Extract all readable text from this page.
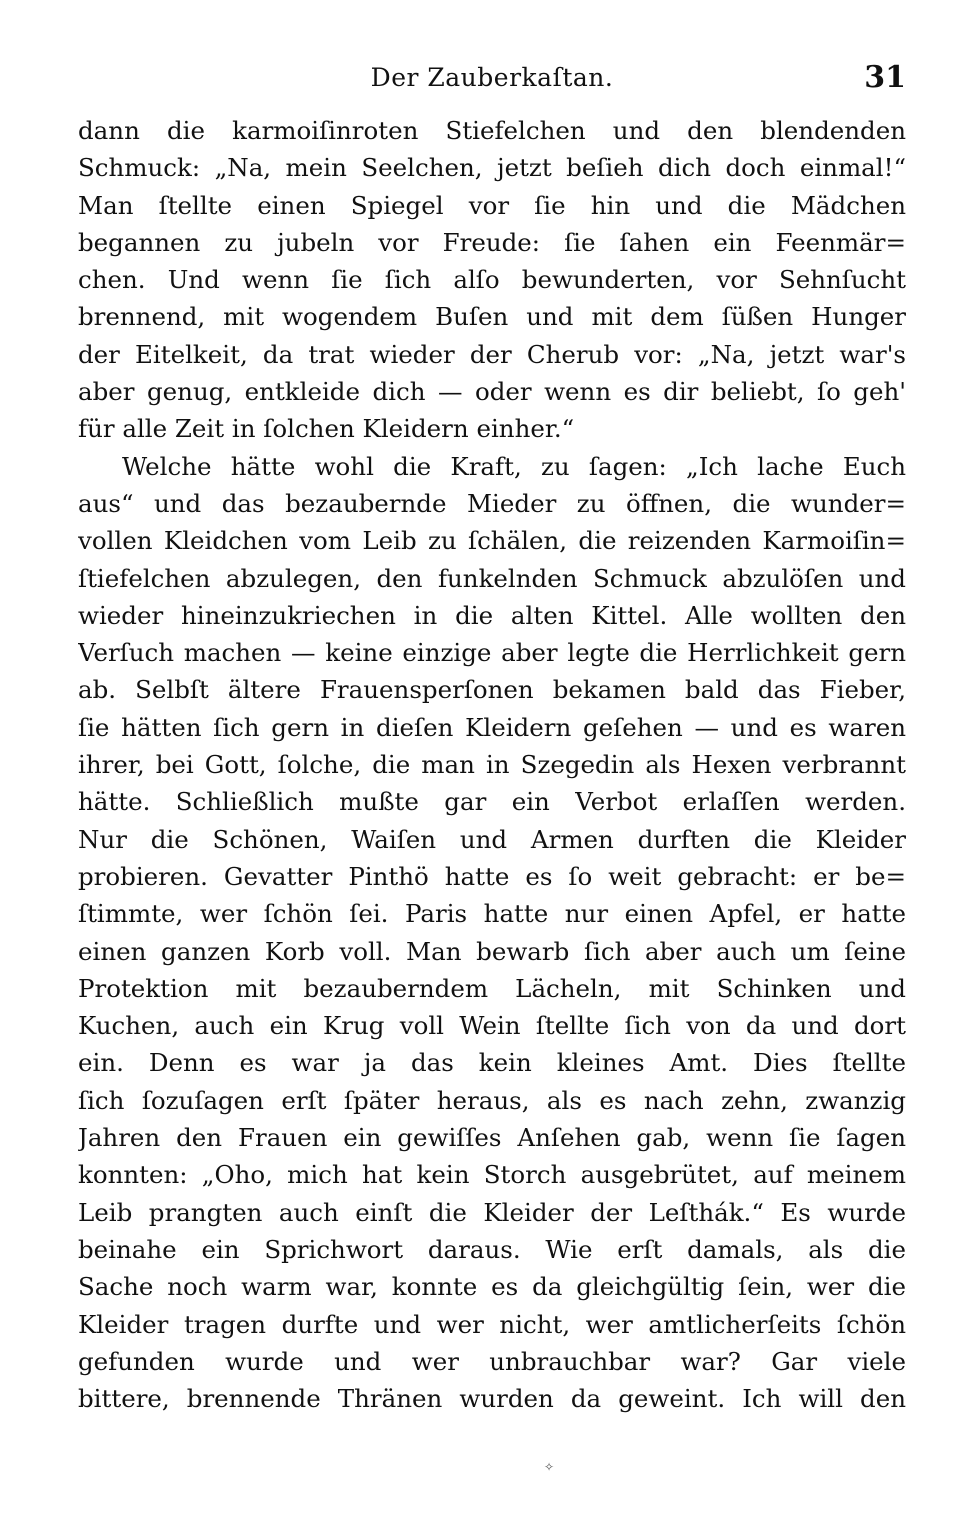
Der Zauberkaſtan.	31
dann die karmoiſinroten Stiefelchen und den blendenden
Schmuck: „Na, mein Seelchen, jetzt beſieh dich doch einmal!“
Man ſtellte einen Spiegel vor ſie hin und die Mädchen
begannen zu jubeln vor Freude: ſie ſahen ein Feenmär=
chen. Und wenn ſie ſich alſo bewunderten, vor Sehnſucht
brennend, mit wogendem Buſen und mit dem ſüßen Hunger
der Eitelkeit, da trat wieder der Cherub vor: „Na, jetzt war's
aber genug, entkleide dich — oder wenn es dir beliebt, ſo geh'
für alle Zeit in ſolchen Kleidern einher.“
Welche hätte wohl die Kraft, zu ſagen: „Ich lache Euch
aus“ und das bezaubernde Mieder zu öffnen, die wunder=
vollen Kleidchen vom Leib zu ſchälen, die reizenden Karmoiſin=
ſtiefelchen abzulegen, den funkelnden Schmuck abzulöſen und
wieder hineinzukriechen in die alten Kittel. Alle wollten den
Verſuch machen — keine einzige aber legte die Herrlichkeit gern
ab. Selbſt ältere Frauensperſonen bekamen bald das Fieber,
ſie hätten ſich gern in dieſen Kleidern geſehen — und es waren
ihrer, bei Gott, ſolche, die man in Szegedin als Hexen verbrannt
hätte. Schließlich mußte gar ein Verbot erlaſſen werden.
Nur die Schönen, Waiſen und Armen durften die Kleider
probieren. Gevatter Pinthö hatte es ſo weit gebracht: er be=
ſtimmte, wer ſchön ſei. Paris hatte nur einen Apfel, er hatte
einen ganzen Korb voll. Man bewarb ſich aber auch um ſeine
Protektion mit bezauberndem Lächeln, mit Schinken und
Kuchen, auch ein Krug voll Wein ſtellte ſich von da und dort
ein. Denn es war ja das kein kleines Amt. Dies ſtellte
ſich ſozuſagen erſt ſpäter heraus, als es nach zehn, zwanzig
Jahren den Frauen ein gewiſſes Anſehen gab, wenn ſie ſagen
konnten: „Oho, mich hat kein Storch ausgebrütet, auf meinem
Leib prangten auch einſt die Kleider der Leſthák.“ Es wurde
beinahe ein Sprichwort daraus. Wie erſt damals, als die
Sache noch warm war, konnte es da gleichgültig ſein, wer die
Kleider tragen durfte und wer nicht, wer amtlicherſeits ſchön
gefunden wurde und wer unbrauchbar war? Gar viele
bittere, brennende Thränen wurden da geweint. Ich will den
✧
